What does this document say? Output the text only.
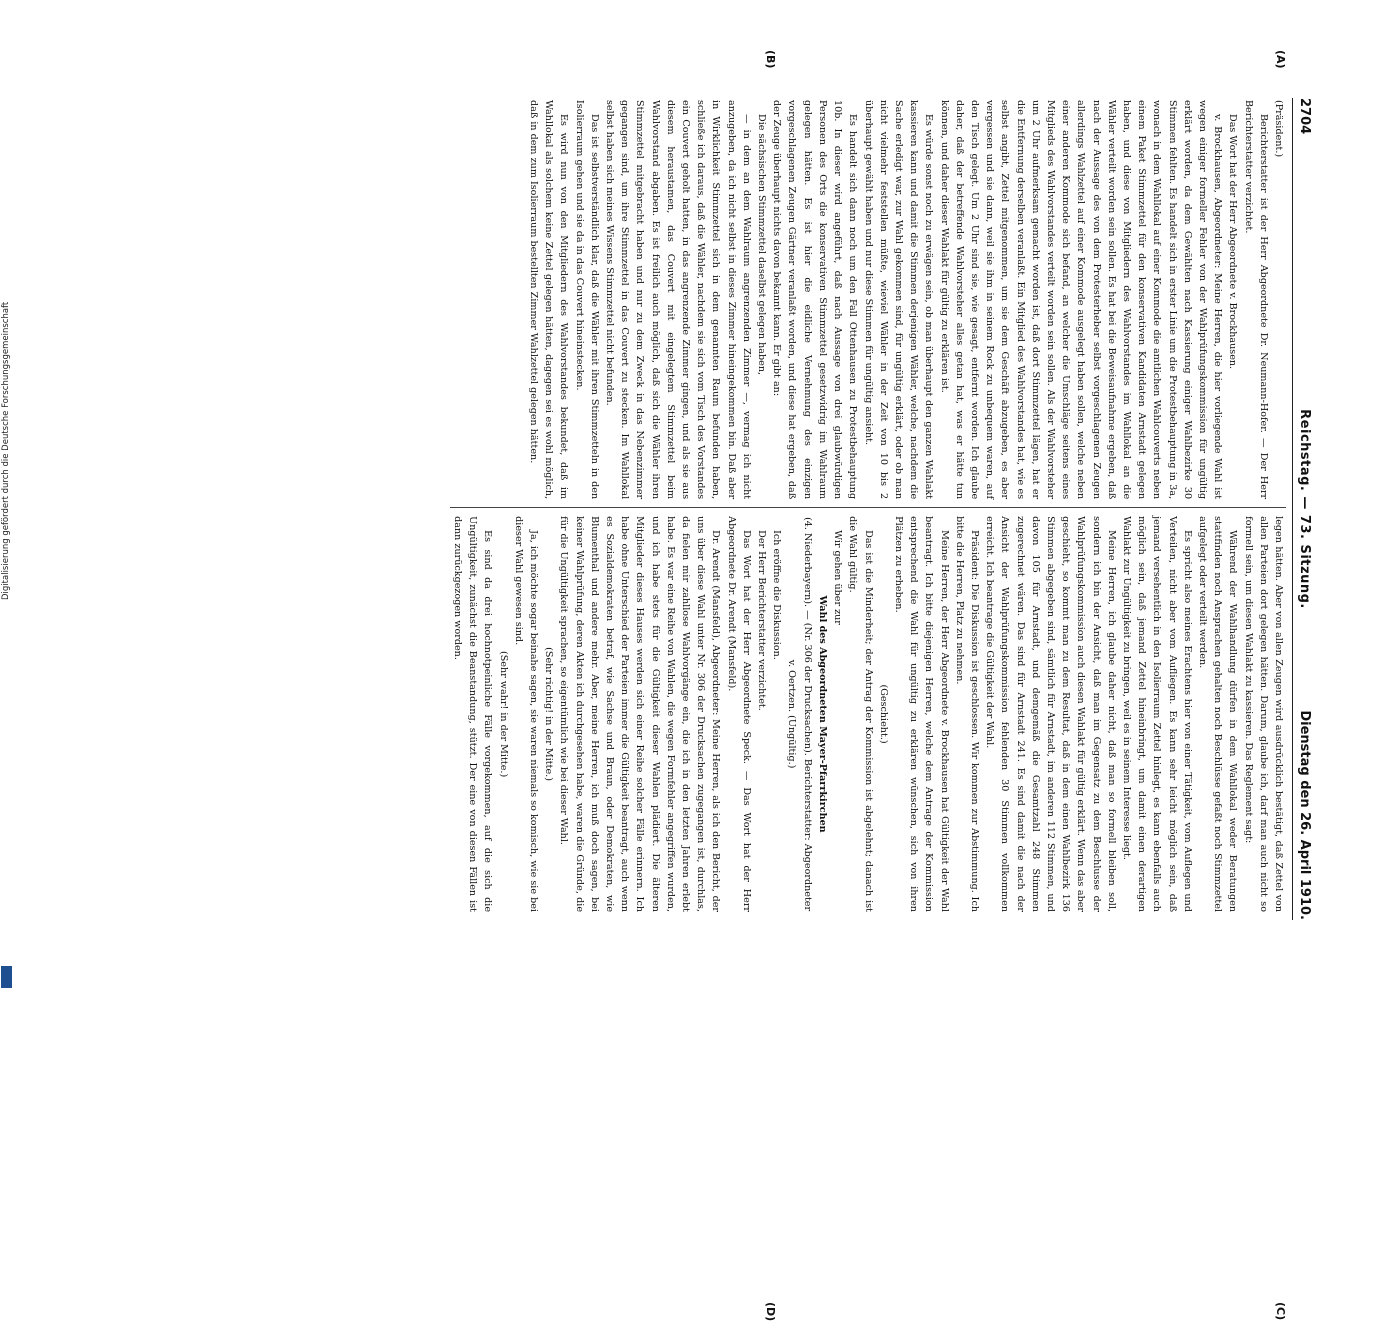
2704
Reichstag. — 73. Sitzung.
Dienstag den 26. April 1910.
(A)
(B)
(C)
(D)

(Präsident.)

Berichterstatter ist der Herr Abgeordnete Dr. Neumann-Hofer. — Der Herr Berichterstatter verzichtet.

Das Wort hat der Herr Abgeordnete v. Brockhausen.

v. Brockhausen, Abgeordneter: Meine Herren, die hier vorliegende Wahl ist wegen einiger formeller Fehler von der Wahlprüfungskommission für ungültig erklärt worden, da dem Gewählten nach Kassierung einiger Wahlbezirke 30 Stimmen fehlten. Es handelt sich in erster Linie um die Protestbehauptung in 3a, wonach in dem Wahllokal auf einer Kommode die amtlichen Wahlcouverts neben einem Paket Stimmzettel für den konservativen Kandidaten Arnstadt gelegen haben, und diese von Mitgliedern des Wahlvorstandes im Wahllokal an die Wähler verteilt worden sein sollen. Es hat bei die Beweisaufnahme ergeben, daß nach der Aussage des von dem Protesterheber selbst vorgeschlagenen Zeugen allerdings Wahlzettel auf einer Kommode ausgelegt haben sollen, welche neben einer anderen Kommode sich befand, an welcher die Umschläge seitens eines Mitglieds des Wahlvorstandes verteilt worden sein sollen. Als der Wahlvorsteher um 2 Uhr aufmerksam gemacht worden ist, daß dort Stimmzettel lägen, hat er die Entfernung derselben veranlaßt. Ein Mitglied des Wahlvorstandes hat, wie es selbst angibt, Zettel mitgenommen, um sie dem Geschäft abzugeben, es aber vergessen und sie dann, weil sie ihm in seinem Rock zu unbequem waren, auf den Tisch gelegt. Um 2 Uhr sind sie, wie gesagt, entfernt worden. Ich glaube daher, daß der betreffende Wahlvorsteher alles getan hat, was er hätte tun können, und daher dieser Wahlakt für gültig zu erklären ist.

Es würde sonst noch zu erwägen sein, ob man überhaupt den ganzen Wahlakt kassieren kann und damit die Stimmen derjenigen Wähler, welche, nachdem die Sache erledigt war, zur Wahl gekommen sind, für ungültig erklärt, oder ob man nicht vielmehr feststellen müßte, wieviel Wähler in der Zeit von 10 bis 2 überhaupt gewählt haben und nur diese Stimmen für ungültig ansieht.

Es handelt sich dann noch um den Fall Ottenhausen zu Protestbehauptung 10b. In dieser wird angeführt, daß nach Aussage von drei glaubwürdigen Personen des Orts die konservativen Stimmzettel gesetzwidrig im Wahlraum gelegen hätten. Es ist hier die eidliche Vernehmung des einzigen vorgeschlagenen Zeugen Gärtner veranlaßt worden, und diese hat ergeben, daß der Zeuge überhaupt nichts davon bekannt kann. Er gibt an:

Die sächsischen Stimmzettel daselbst gelegen haben,

— in dem an dem Wahlraum angrenzenden Zimmer —, vermag ich nicht anzugeben, da ich nicht selbst in dieses Zimmer hineingekommen bin. Daß aber in Wirklichkeit Stimmzettel sich in dem genannten Raum befunden haben, schließe ich daraus, daß die Wähler, nachdem sie sich vom Tisch des Vorstandes ein Couvert geholt hatten, in das angrenzende Zimmer gingen, und als sie aus diesem heraustamen, das Couvert mit eingelegtem Stimmzettel beim Wahlvorstand abgaben. Es ist freilich auch möglich, daß sich die Wähler ihren Stimmzettel mitgebracht haben und nur zu dem Zweck in das Nebenzimmer gegangen sind, um ihre Stimmzettel in das Couvert zu stecken. Im Wahllokal selbst haben sich meines Wissens Stimmzettel nicht befunden.

Das ist selbstverständlich klar, daß die Wähler mit ihren Stimmzetteln in den Isolierraum gehen und sie da in das Couvert hineinstecken.

Es wird nun von den Mitgliedern des Wahlvorstandes bekundet, daß im Wahllokal als solchem keine Zettel gelegen hätten, dagegen sei es wohl möglich, daß in dem zum Isolierraum bestellten Zimmer Wahlzettel gelegen hätten.

legen hätten. Aber von allen Zeugen wird ausdrücklich bestätigt, daß Zettel von allen Parteien dort gelegen hätten. Darum, glaube ich, darf man auch nicht so formell sein, um diesen Wahlakt zu kassieren. Das Reglement sagt:

Während der Wahlhandlung dürfen in dem Wahllokal weder Beratungen stattfinden noch Ansprachen gehalten noch Beschlüsse gefaßt noch Stimmzettel aufgelegt oder verteilt werden.

Es spricht also meines Erachtens hier von einer Tätigkeit, vom Auflegen und Verteilen, nicht aber vom Aufliegen. Es kann sehr leicht möglich sein, daß jemand versehentlich in den Isolierraum Zettel hinlegt, es kann ebenfalls auch möglich sein, daß jemand Zettel hineinbringt, um damit einen derartigen Wahlakt zur Ungültigkeit zu bringen, weil es in seinem Interesse liegt.

Meine Herren, ich glaube daher nicht, daß man so formell bleiben soll, sondern ich bin der Ansicht, daß man im Gegensatz zu dem Beschlusse der Wahlprüfungskommission auch diesen Wahlakt für gültig erklärt. Wenn das aber geschieht, so kommt man zu dem Resultat, daß in dem einen Wahlbezirk 136 Stimmen abgegeben sind, sämtlich für Arnstadt, im anderen 112 Stimmen, und davon 105 für Arnstadt, und demgemäß die Gesamtzahl 248 Stimmen zugerechnet wären. Das sind für Arnstadt 241. Es sind damit die nach der Ansicht der Wahlprüfungskommission fehlenden 30 Stimmen vollkommen erreicht. Ich beantrage die Gültigkeit der Wahl.

Präsident: Die Diskussion ist geschlossen. Wir kommen zur Abstimmung. Ich bitte die Herren, Platz zu nehmen.

Meine Herren, der Herr Abgeordnete v. Brockhausen hat Gültigkeit der Wahl beantragt. Ich bitte diejenigen Herren, welche dem Antrage der Kommission entsprechend die Wahl für ungültig zu erklären wünschen, sich von ihren Plätzen zu erheben.

(Geschieht.)

Das ist die Minderheit; der Antrag der Kommission ist abgelehnt; danach ist die Wahl gültig.

Wir gehen über zur

Wahl des Abgeordneten Mayer-Pfarrkirchen

(4. Niederbayern). — (Nr. 306 der Drucksachen). Berichterstatter: Abgeordneter v. Oertzen. (Ungültig.)

Ich eröffne die Diskussion.

Der Herr Berichterstatter verzichtet.

Das Wort hat der Herr Abgeordnete Speck. — Das Wort hat der Herr Abgeordnete Dr. Arendt (Mansfeld).

Dr. Arendt (Mansfeld), Abgeordneter: Meine Herren, als ich den Bericht, der uns über diese Wahl unter Nr. 306 der Drucksachen zugegangen ist, durchlas, da fielen mir zahllose Wahlvorgänge ein, die ich in den letzten Jahren erlebt habe. Es war eine Reihe von Wahlen, die wegen Formfehler angegriffen wurden, und ich habe stets für die Gültigkeit dieser Wahlen plädiert. Die älteren Mitglieder dieses Hauses werden sich einer Reihe solcher Fälle erinnern. Ich habe ohne Unterschied der Parteien immer die Gültigkeit beantragt, auch wenn es Sozialdemokraten betraf, wie Sachse und Braun, oder Demokraten, wie Blumenthal und andere mehr. Aber, meine Herren, ich muß doch sagen, bei keiner Wahlprüfung, deren Akten ich durchgesehen habe, waren die Gründe, die für die Ungültigkeit sprachen, so eigentümlich wie bei dieser Wahl.

(Sehr richtig! in der Mitte.)

Ja, ich möchte sogar beinahe sagen, sie waren niemals so komisch, wie sie bei dieser Wahl gewesen sind.

(Sehr wahr! in der Mitte.)

Es sind da drei hochnotpeinliche Fälle vorgekommen, auf die sich die Ungültigkeit, zunächst die Beanstandung, stützt. Der eine von diesen Fällen ist dann zurückgezogen worden.

Digitalisierung gefördert durch die Deutsche Forschungsgemeinschaft
